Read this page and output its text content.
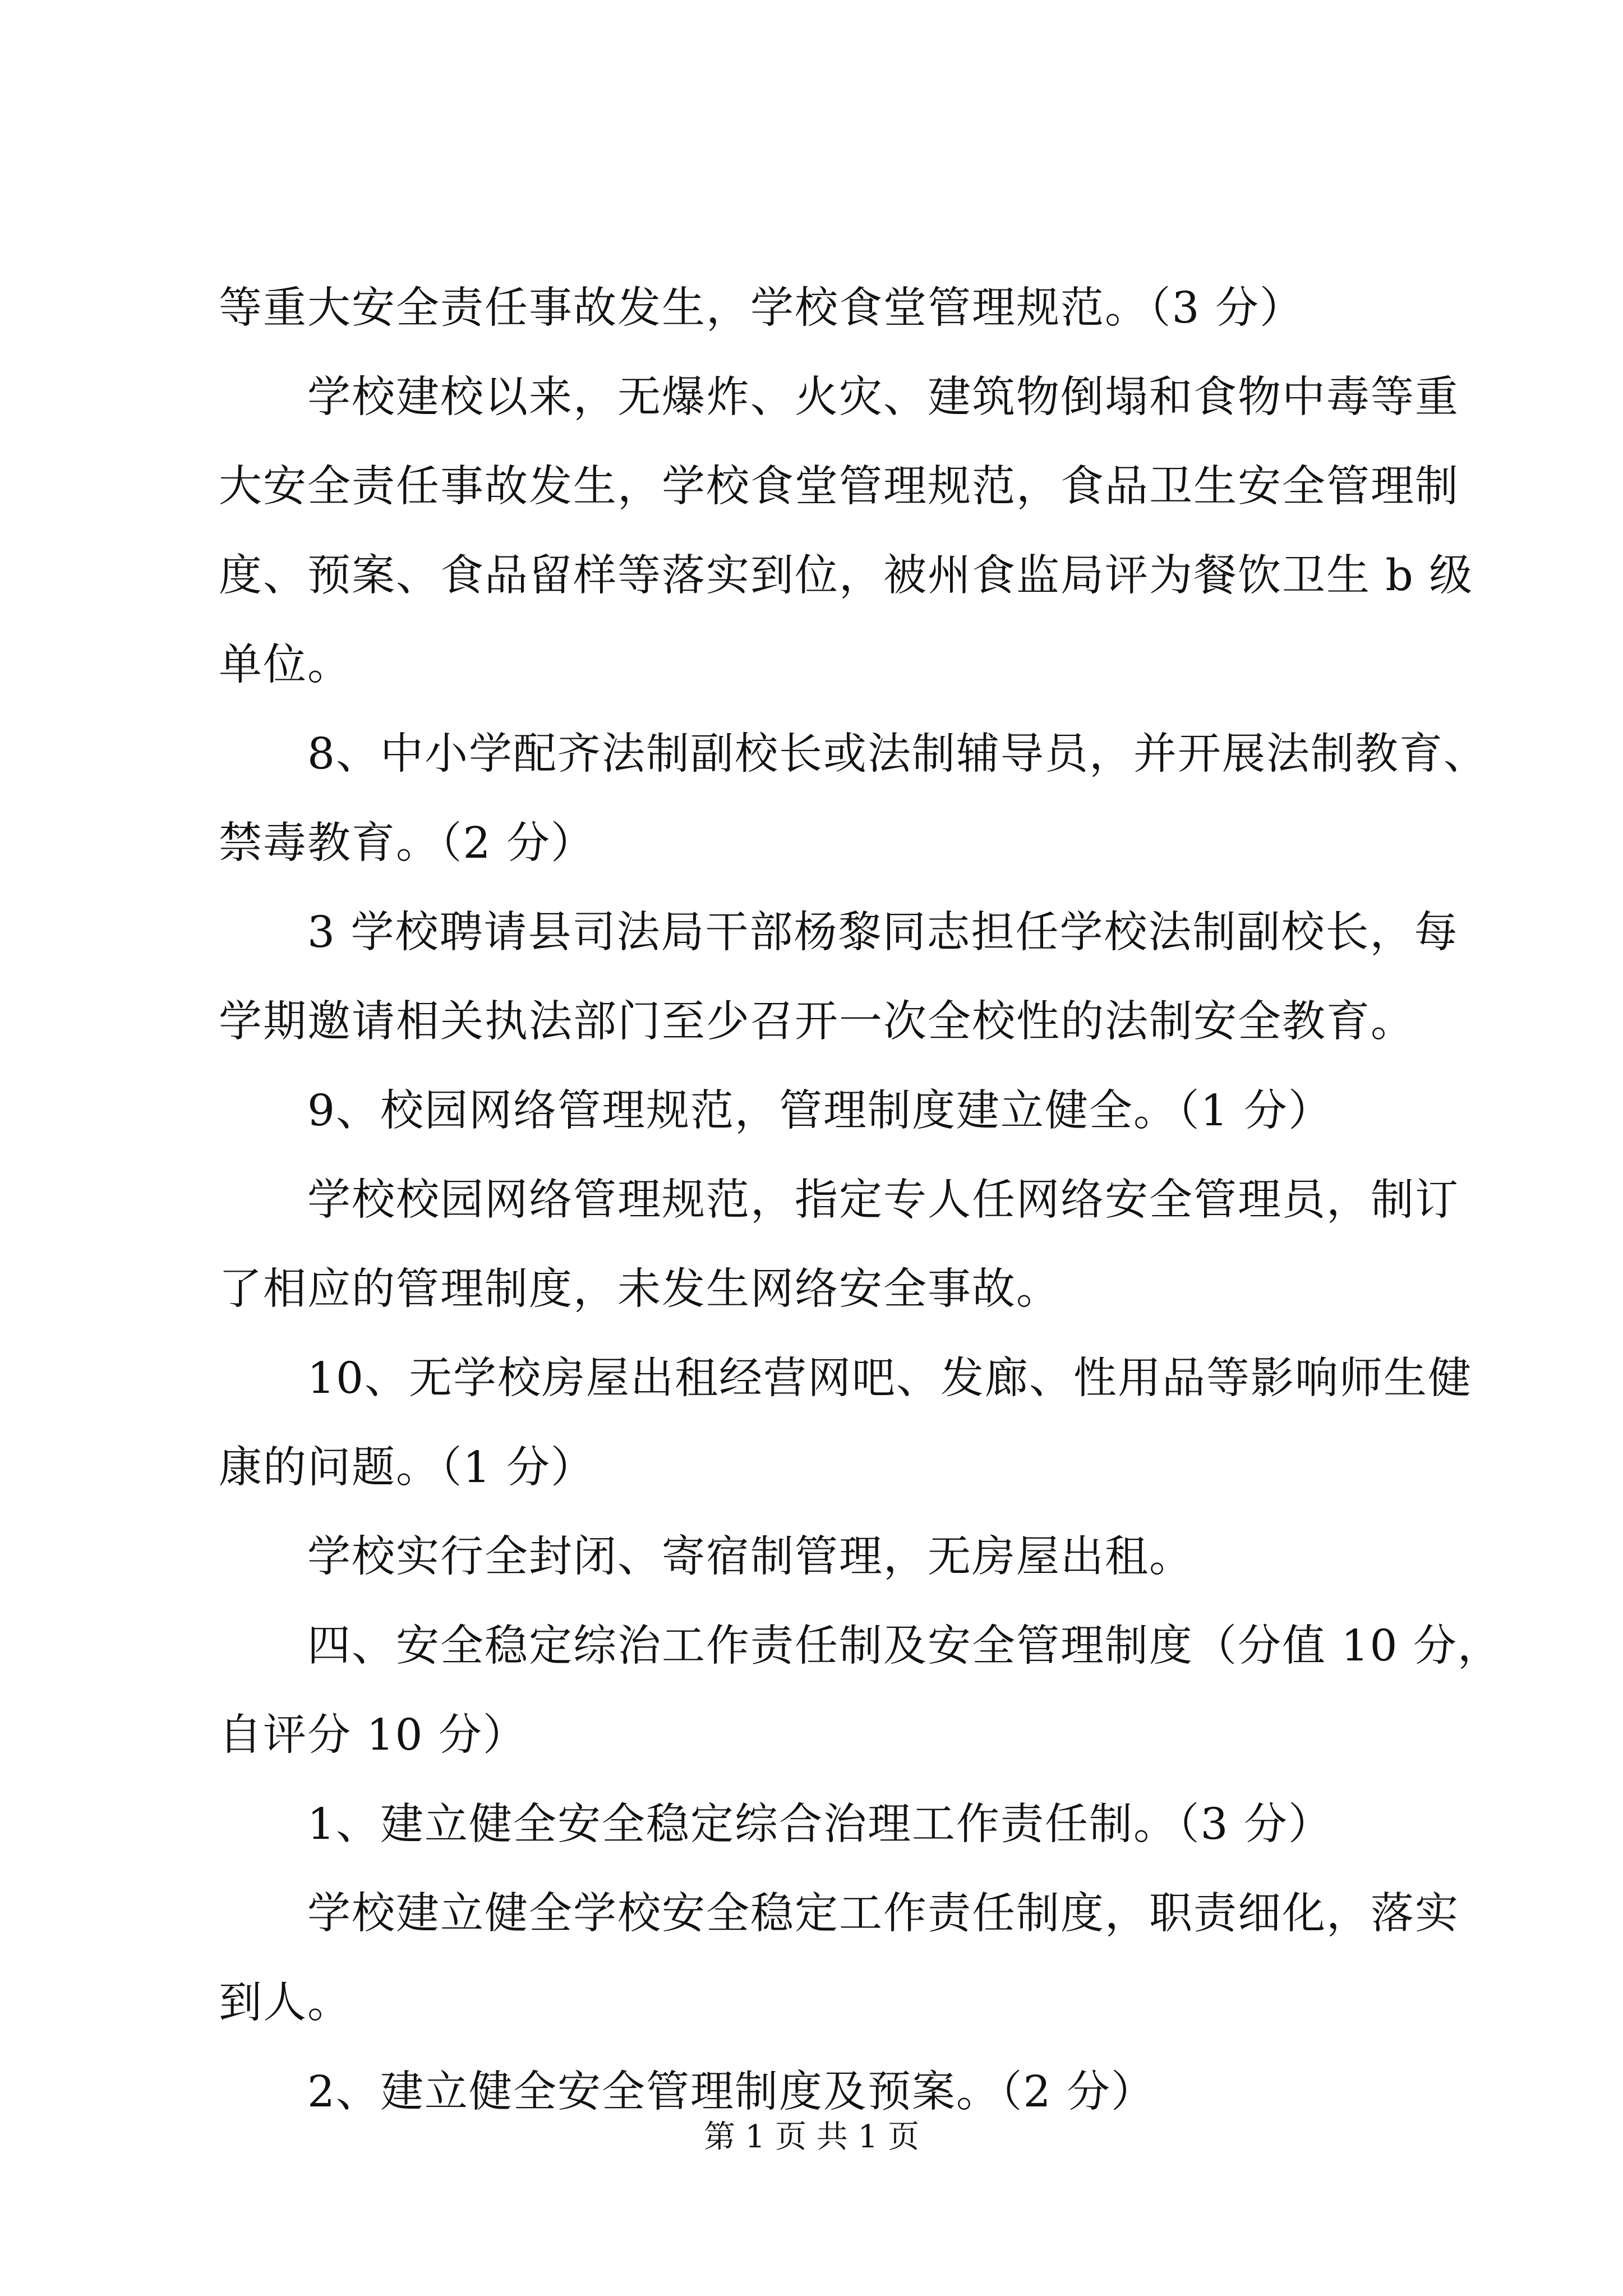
等重大安全责任事故发生，学校食堂管理规范。（3 分）
学校建校以来，无爆炸、火灾、建筑物倒塌和食物中毒等重
大安全责任事故发生，学校食堂管理规范，食品卫生安全管理制
度、预案、食品留样等落实到位，被州食监局评为餐饮卫生 b 级
单位。
8、中小学配齐法制副校长或法制辅导员，并开展法制教育、
禁毒教育。（2 分）
3 学校聘请县司法局干部杨黎同志担任学校法制副校长，每
学期邀请相关执法部门至少召开一次全校性的法制安全教育。
9、校园网络管理规范，管理制度建立健全。（1 分）
学校校园网络管理规范，指定专人任网络安全管理员，制订
了相应的管理制度，未发生网络安全事故。
10、无学校房屋出租经营网吧、发廊、性用品等影响师生健
康的问题。（1 分）
学校实行全封闭、寄宿制管理，无房屋出租。
四、安全稳定综治工作责任制及安全管理制度（分值 10 分，
自评分 10 分）
1、建立健全安全稳定综合治理工作责任制。（3 分）
学校建立健全学校安全稳定工作责任制度，职责细化，落实
到人。
2、建立健全安全管理制度及预案。（2 分）
第 1 页 共 1 页
